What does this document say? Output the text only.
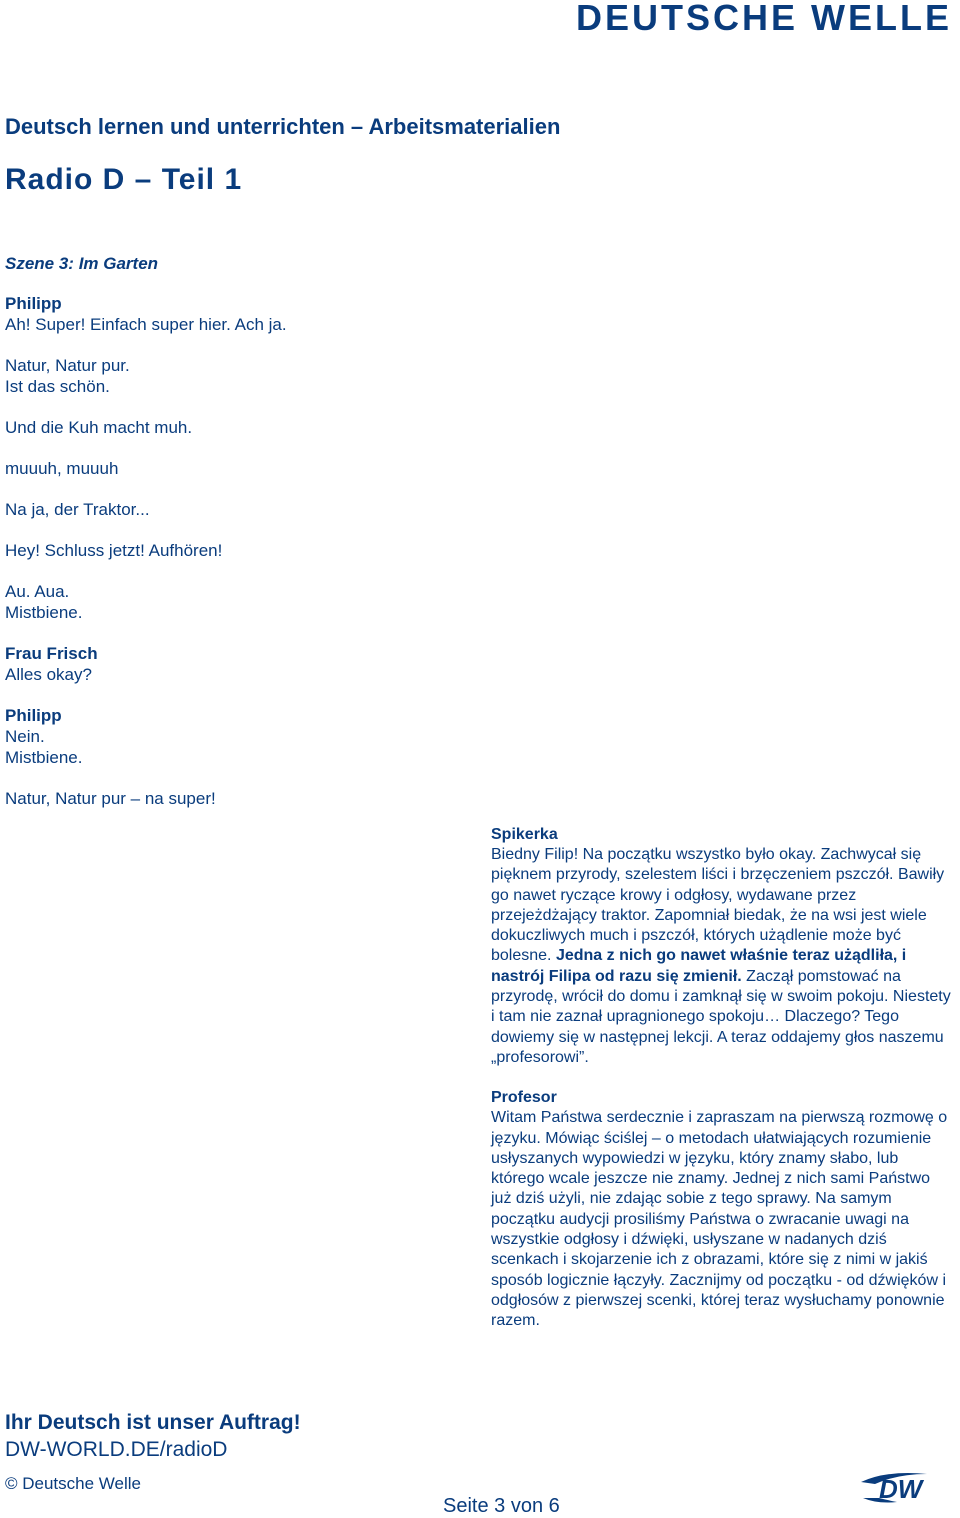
DEUTSCHE WELLE
Deutsch lernen und unterrichten – Arbeitsmaterialien
Radio D – Teil 1
Szene 3: Im Garten
Philipp
Ah! Super! Einfach super hier. Ach ja.
Natur, Natur pur.
Ist das schön.
Und die Kuh macht muh.
muuuh, muuuh
Na ja, der Traktor...
Hey! Schluss jetzt! Aufhören!
Au. Aua.
Mistbiene.
Frau Frisch
Alles okay?
Philipp
Nein.
Mistbiene.
Natur, Natur pur – na super!
Spikerka
Biedny Filip! Na początku wszystko było okay. Zachwycał się pięknem przyrody, szelestem liści i brzęczeniem pszczół. Bawiły go nawet ryczące krowy i odgłosy, wydawane przez przejeżdżający traktor. Zapomniał biedak, że na wsi jest wiele dokuczliwych much i pszczół, których użądlenie może być bolesne. Jedna z nich go nawet właśnie teraz użądliła, i nastrój Filipa od razu się zmienił. Zaczął pomstować na przyrodę, wrócił do domu i zamknął się w swoim pokoju. Niestety i tam nie zaznał upragnionego spokoju… Dlaczego? Tego dowiemy się w następnej lekcji. A teraz oddajemy głos naszemu „profesorowi”.
Profesor
Witam Państwa serdecznie i zapraszam na pierwszą rozmowę o języku. Mówiąc ściślej – o metodach ułatwiających rozumienie usłyszanych wypowiedzi w języku, który znamy słabo, lub którego wcale jeszcze nie znamy. Jednej z nich sami Państwo już dziś użyli, nie zdając sobie z tego sprawy. Na samym początku audycji prosiliśmy Państwa o zwracanie uwagi na wszystkie odgłosy i dźwięki, usłyszane w nadanych dziś scenkach i skojarzenie ich z obrazami, które się z nimi w jakiś sposób logicznie łączyły. Zacznijmy od początku - od dźwięków i odgłosów z pierwszej scenki, której teraz wysłuchamy ponownie razem.
Ihr Deutsch ist unser Auftrag!
DW-WORLD.DE/radioD
© Deutsche Welle
Seite 3 von 6
DW
